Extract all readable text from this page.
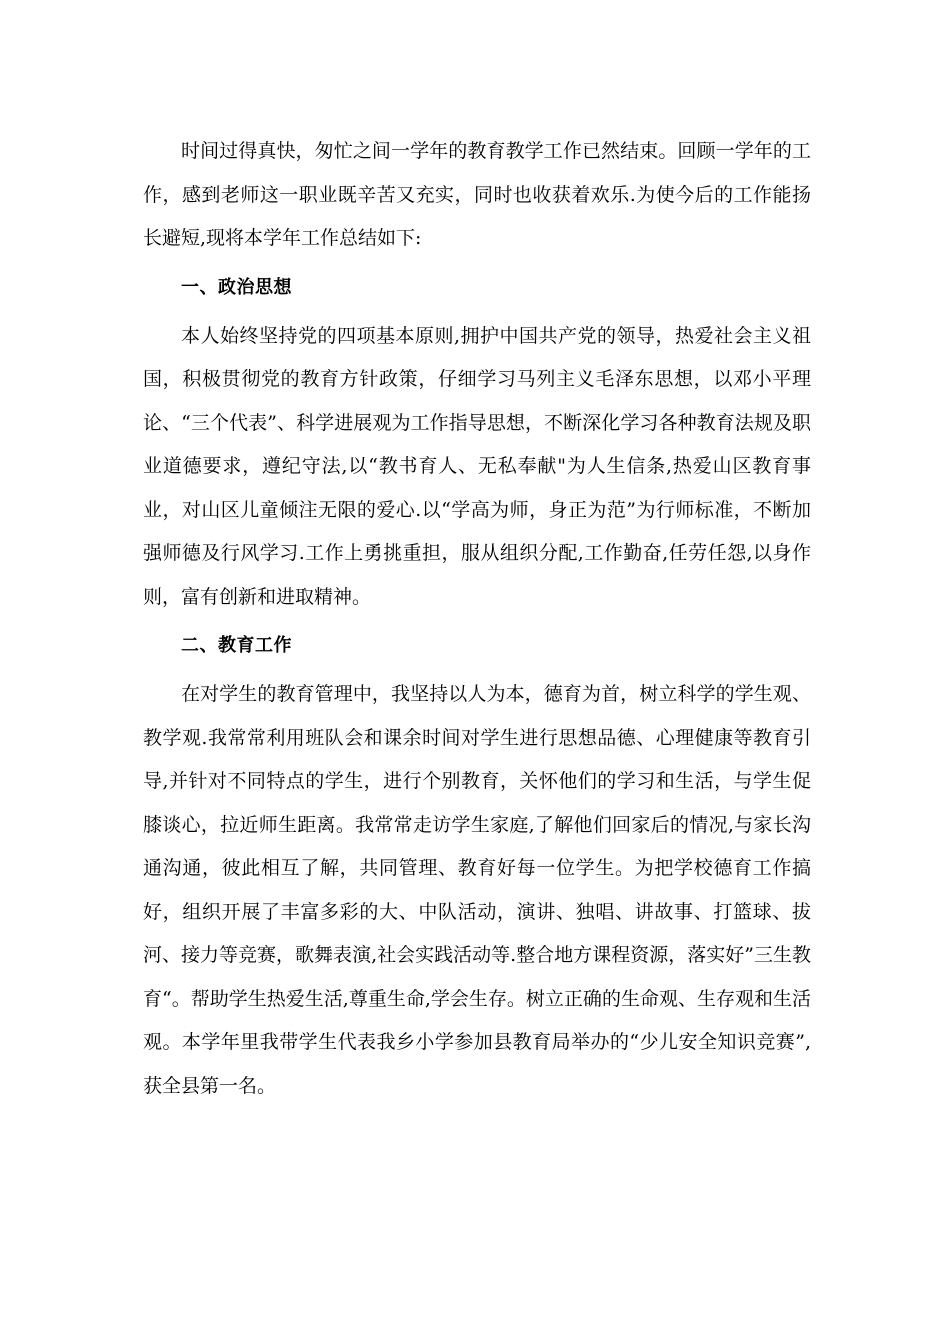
时间过得真快，匆忙之间一学年的教育教学工作已然结束。回顾一学年的工作，感到老师这一职业既辛苦又充实，同时也收获着欢乐.为使今后的工作能扬长避短,现将本学年工作总结如下:

一、政治思想

本人始终坚持党的四项基本原则,拥护中国共产党的领导，热爱社会主义祖国，积极贯彻党的教育方针政策，仔细学习马列主义毛泽东思想，以邓小平理论、“三个代表”、科学进展观为工作指导思想，不断深化学习各种教育法规及职业道德要求，遵纪守法,以“教书育人、无私奉献"为人生信条,热爱山区教育事业，对山区儿童倾注无限的爱心.以“学高为师，身正为范”为行师标准，不断加强师德及行风学习.工作上勇挑重担，服从组织分配,工作勤奋,任劳任怨,以身作则，富有创新和进取精神。

二、教育工作

在对学生的教育管理中，我坚持以人为本，德育为首，树立科学的学生观、教学观.我常常利用班队会和课余时间对学生进行思想品德、心理健康等教育引导,并针对不同特点的学生，进行个别教育，关怀他们的学习和生活，与学生促膝谈心，拉近师生距离。我常常走访学生家庭,了解他们回家后的情况,与家长沟通沟通，彼此相互了解，共同管理、教育好每一位学生。为把学校德育工作搞好，组织开展了丰富多彩的大、中队活动，演讲、独唱、讲故事、打篮球、拔河、接力等竞赛，歌舞表演,社会实践活动等.整合地方课程资源，落实好”三生教育“。帮助学生热爱生活,尊重生命,学会生存。树立正确的生命观、生存观和生活观。本学年里我带学生代表我乡小学参加县教育局举办的“少儿安全知识竞赛”,获全县第一名。
